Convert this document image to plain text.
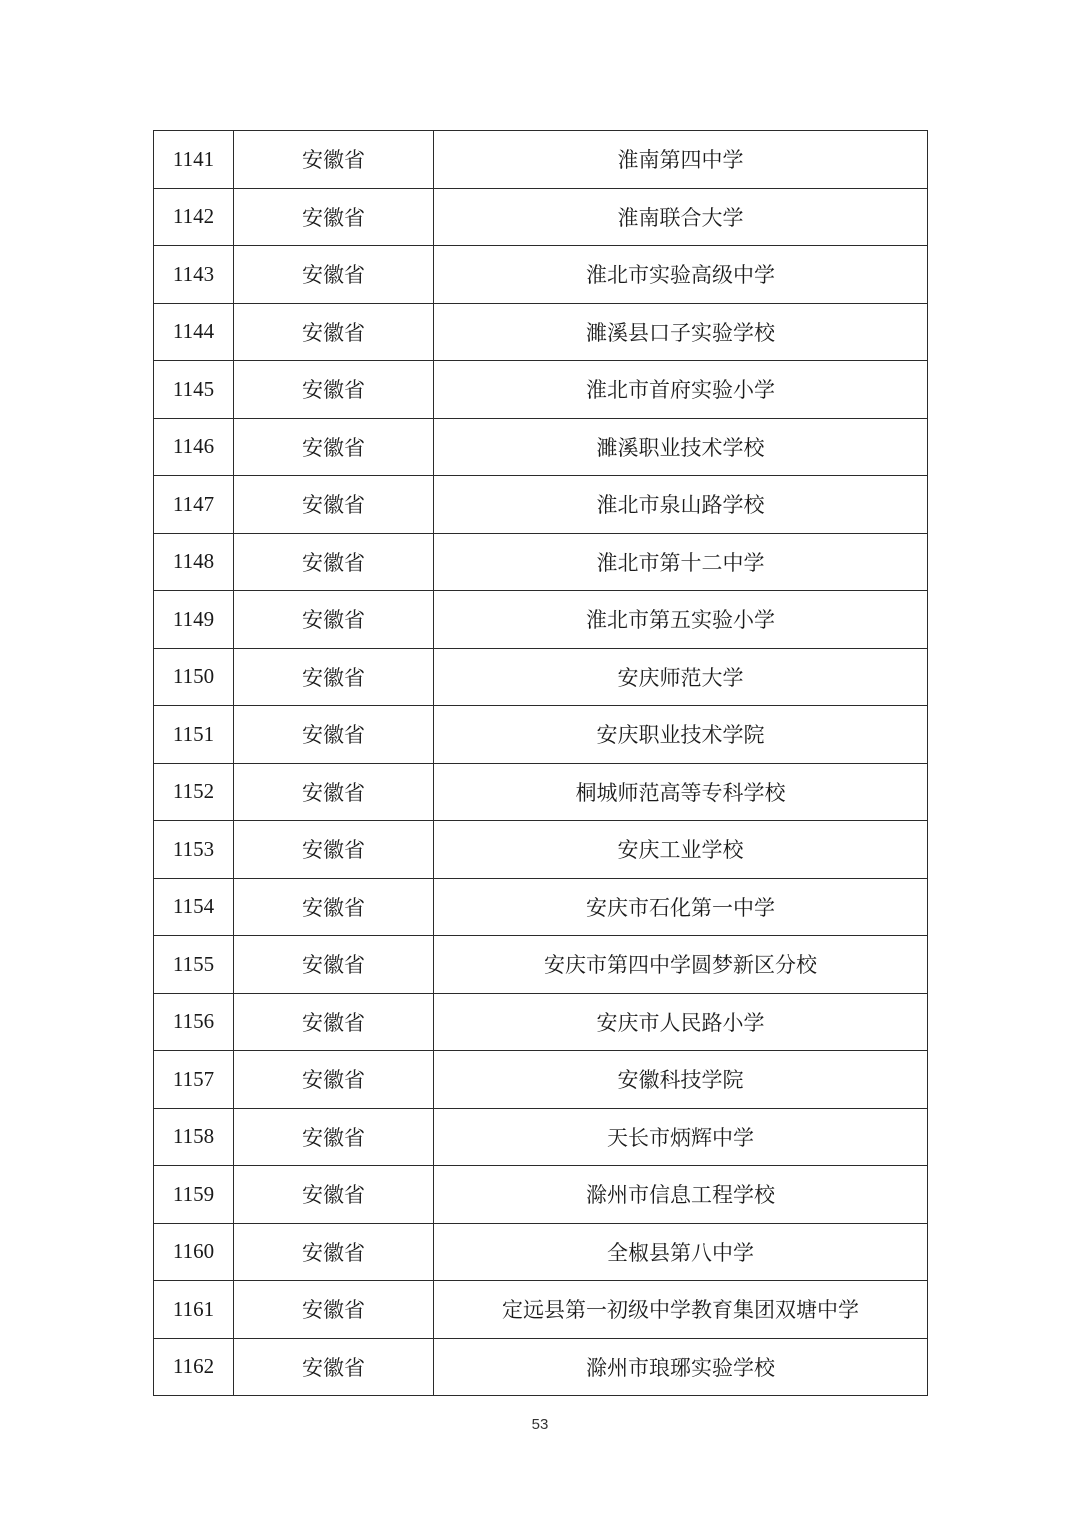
1141	安徽省	淮南第四中学
1142	安徽省	淮南联合大学
1143	安徽省	淮北市实验高级中学
1144	安徽省	濉溪县口子实验学校
1145	安徽省	淮北市首府实验小学
1146	安徽省	濉溪职业技术学校
1147	安徽省	淮北市泉山路学校
1148	安徽省	淮北市第十二中学
1149	安徽省	淮北市第五实验小学
1150	安徽省	安庆师范大学
1151	安徽省	安庆职业技术学院
1152	安徽省	桐城师范高等专科学校
1153	安徽省	安庆工业学校
1154	安徽省	安庆市石化第一中学
1155	安徽省	安庆市第四中学圆梦新区分校
1156	安徽省	安庆市人民路小学
1157	安徽省	安徽科技学院
1158	安徽省	天长市炳辉中学
1159	安徽省	滁州市信息工程学校
1160	安徽省	全椒县第八中学
1161	安徽省	定远县第一初级中学教育集团双塘中学
1162	安徽省	滁州市琅琊实验学校
53
